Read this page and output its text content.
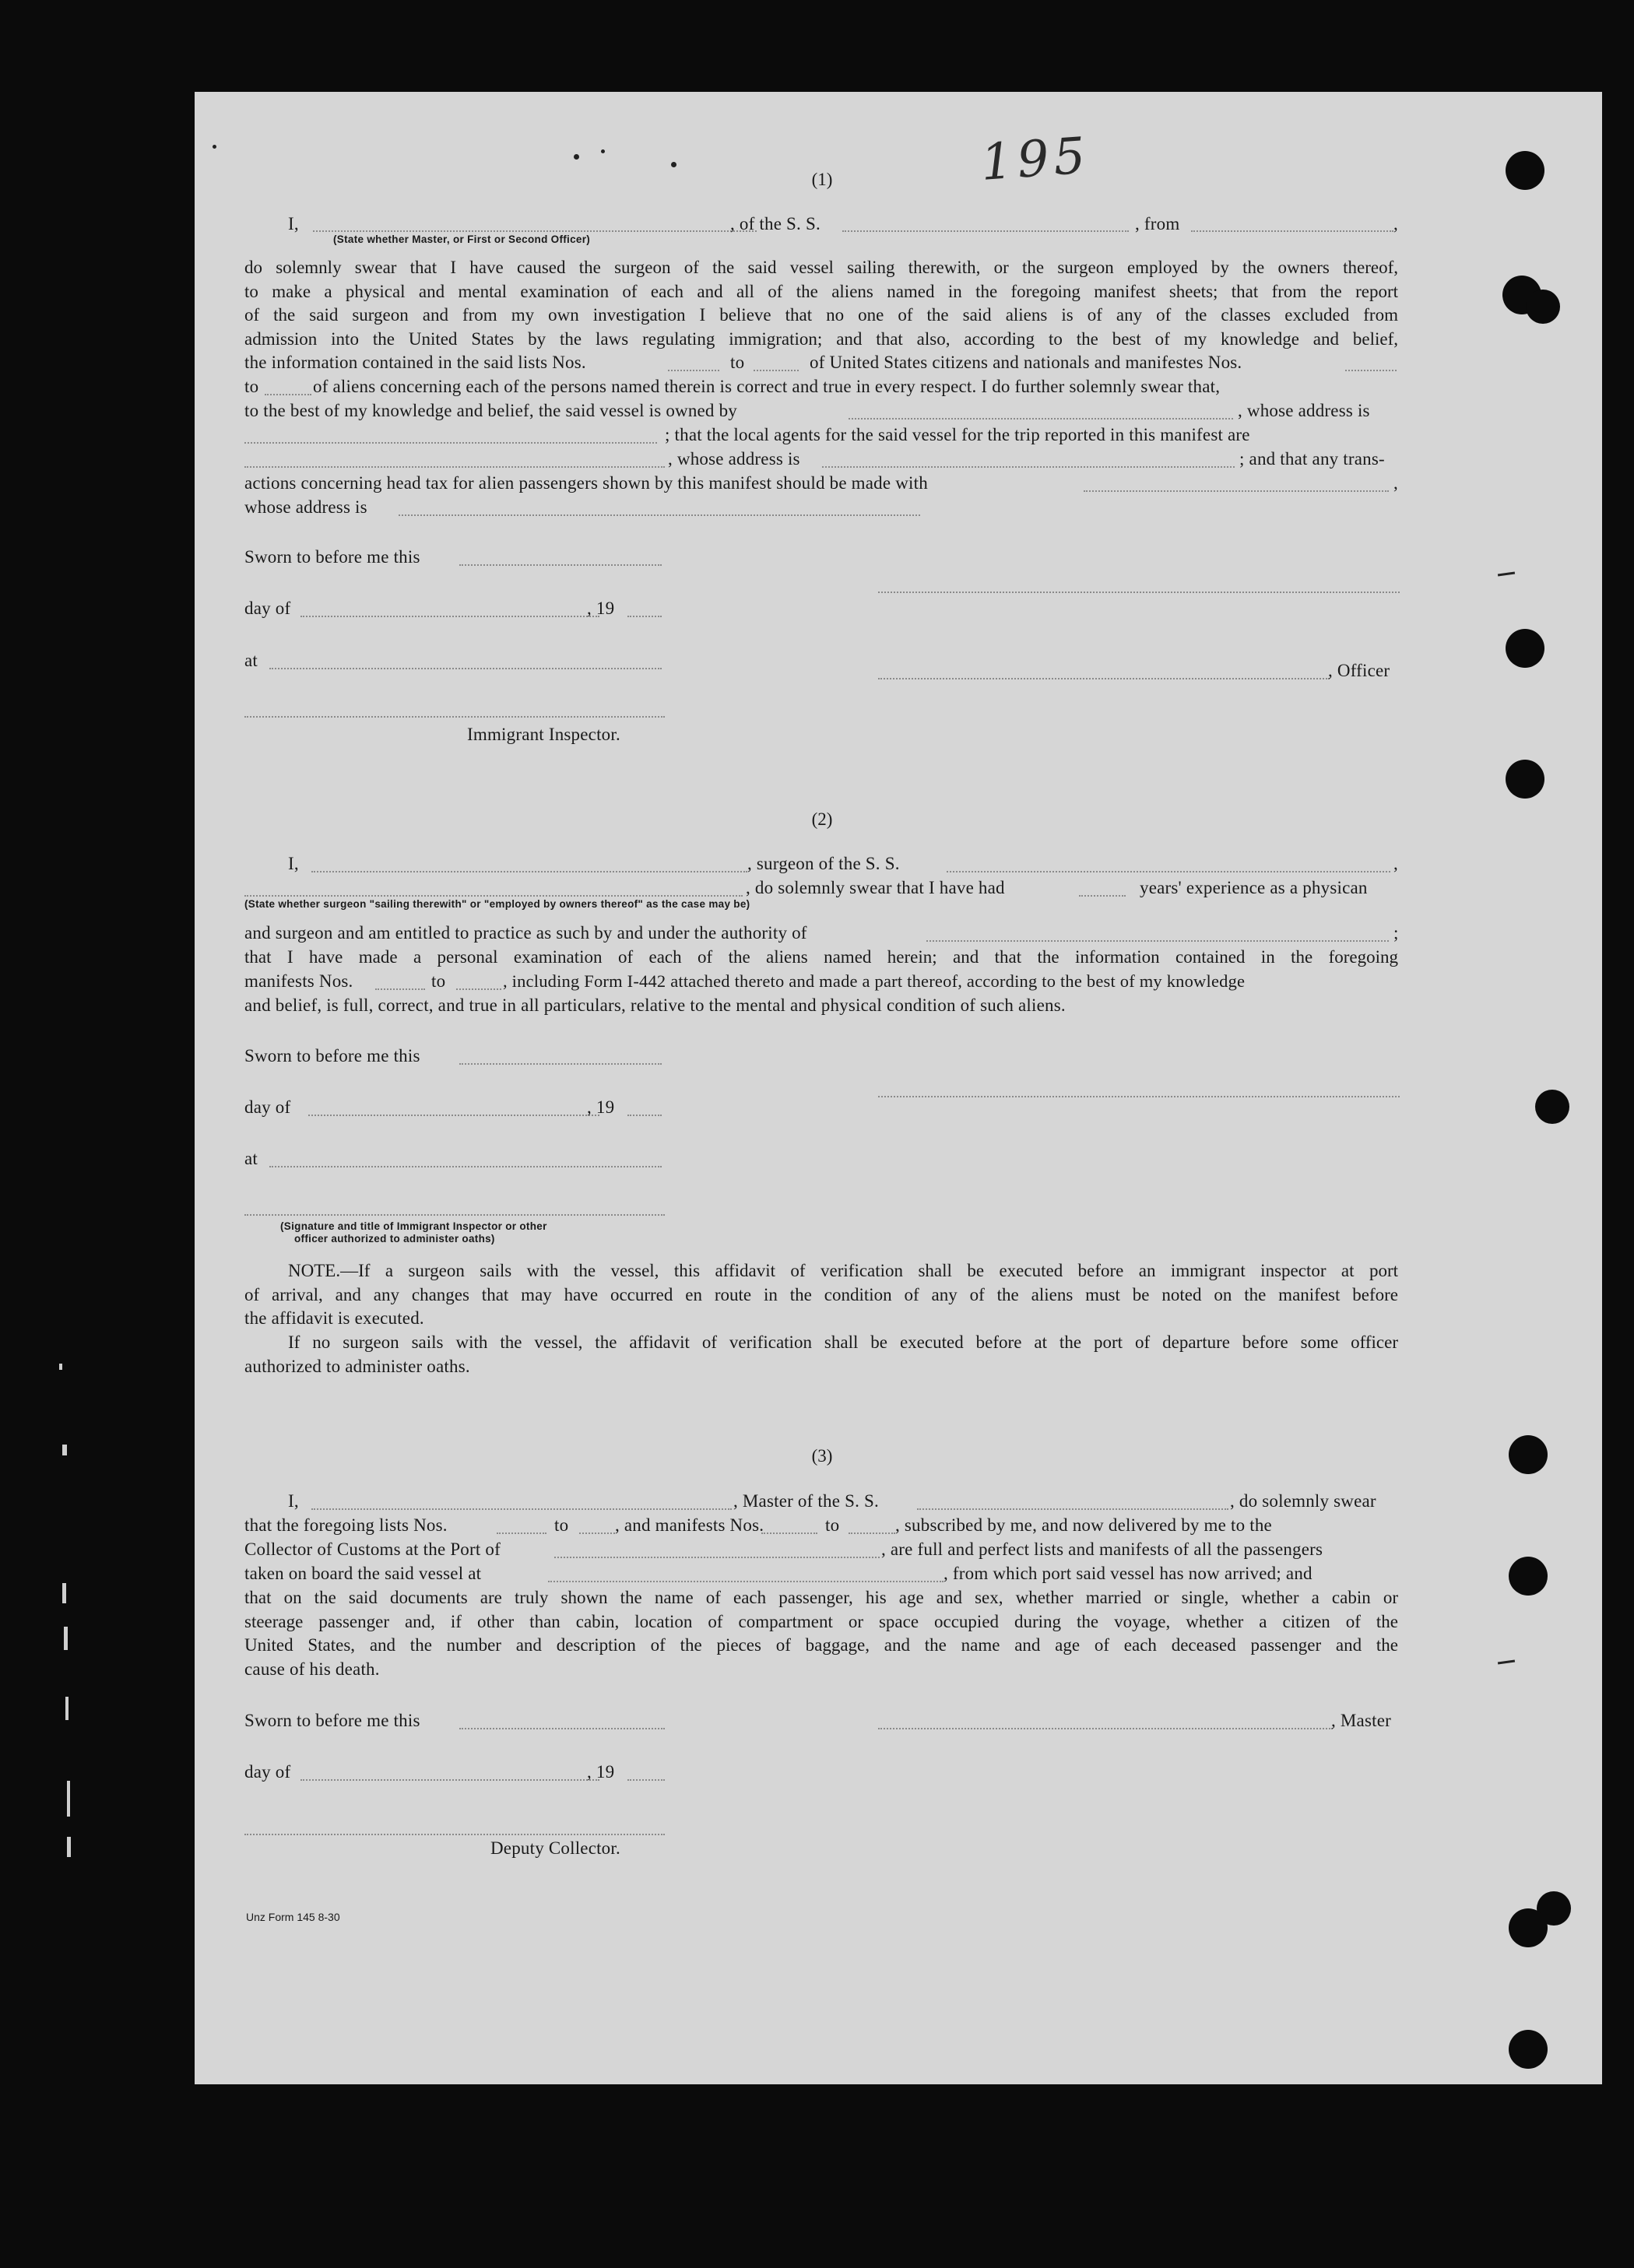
195
(1)
I,	, of the S. S.	, from	,
(State whether Master, or First or Second Officer)
do solemnly swear that I have caused the surgeon of the said vessel sailing therewith, or the surgeon employed by the owners thereof,
to make a physical and mental examination of each and all of the aliens named in the foregoing manifest sheets; that from the report
of the said surgeon and from my own investigation I believe that no one of the said aliens is of any of the classes excluded from
admission into the United States by the laws regulating immigration; and that also, according to the best of my knowledge and belief,
the information contained in the said lists Nos.	to	of United States citizens and nationals and manifestes Nos.
to	of aliens concerning each of the persons named therein is correct and true in every respect. I do further solemnly swear that,
to the best of my knowledge and belief, the said vessel is owned by	, whose address is
; that the local agents for the said vessel for the trip reported in this manifest are
, whose address is	; and that any trans-
actions concerning head tax for alien passengers shown by this manifest should be made with	,
whose address is
Sworn to before me this
day of	, 19
at
, Officer
Immigrant Inspector.
(2)
I,	, surgeon of the S. S.	,
, do solemnly swear that I have had	years' experience as a physican
(State whether surgeon "sailing therewith" or "employed by owners thereof" as the case may be)
and surgeon and am entitled to practice as such by and under the authority of	;
that I have made a personal examination of each of the aliens named herein; and that the information contained in the foregoing
manifests Nos.	to	, including Form I-442 attached thereto and made a part thereof, according to the best of my knowledge
and belief, is full, correct, and true in all particulars, relative to the mental and physical condition of such aliens.
Sworn to before me this
day of	, 19
at
(Signature and title of Immigrant Inspector or other
officer authorized to administer oaths)
NOTE.—If a surgeon sails with the vessel, this affidavit of verification shall be executed before an immigrant inspector at port
of arrival, and any changes that may have occurred en route in the condition of any of the aliens must be noted on the manifest before
the affidavit is executed.
If no surgeon sails with the vessel, the affidavit of verification shall be executed before at the port of departure before some officer
authorized to administer oaths.
(3)
I,	, Master of the S. S.	, do solemnly swear
that the foregoing lists Nos.	to	, and manifests Nos.	to	, subscribed by me, and now delivered by me to the
Collector of Customs at the Port of	, are full and perfect lists and manifests of all the passengers
taken on board the said vessel at	, from which port said vessel has now arrived; and
that on the said documents are truly shown the name of each passenger, his age and sex, whether married or single, whether a cabin or
steerage passenger and, if other than cabin, location of compartment or space occupied during the voyage, whether a citizen of the
United States, and the number and description of the pieces of baggage, and the name and age of each deceased passenger and the
cause of his death.
Sworn to before me this	, Master
day of	, 19
Deputy Collector.
Unz Form 145 8-30
